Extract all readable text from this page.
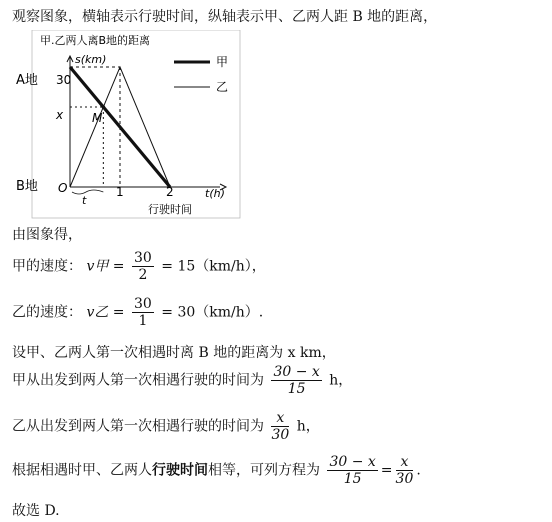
观察图象，横轴表示行驶时间，纵轴表示甲、乙两人距 B 地的距离，
甲.乙两人离B地的距离
s(km)
t(h)
行驶时间
A地
B地
30
x
O	1	2
t
M
甲
乙
由图象得，
甲的速度： v甲 = $\frac{30}{2} = 15(km/h)$，
乙的速度： v乙 = $\frac{30}{1} = 30(km/h)$.
设甲、乙两人第一次相遇时离 B 地的距离为 x km，
甲从出发到两人第一次相遇行驶的时间为 $\frac{30 - x}{15}$ h，
乙从出发到两人第一次相遇行驶的时间为 $\frac{x}{30}$ h，
根据相遇时甲、乙两人行驶时间相等，可列方程为 $\frac{30 - x}{15} = \frac{x}{30}$ .
故选 D.
